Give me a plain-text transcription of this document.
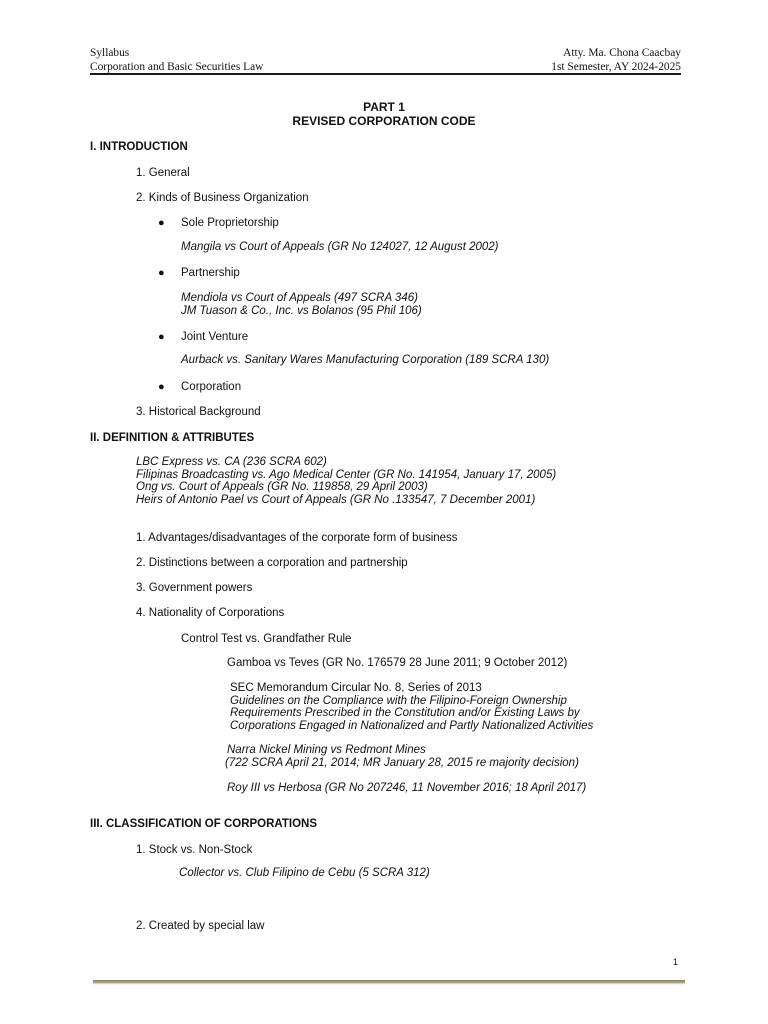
Syllabus
Corporation and Basic Securities Law
Atty. Ma. Chona Caacbay
1st Semester, AY 2024-2025
PART 1
REVISED CORPORATION CODE
I. INTRODUCTION
1. General
2. Kinds of Business Organization
● Sole Proprietorship
Mangila vs Court of Appeals (GR No 124027, 12 August 2002)
● Partnership
Mendiola vs Court of Appeals (497 SCRA 346)
JM Tuason & Co., Inc. vs Bolanos (95 Phil 106)
● Joint Venture
Aurback vs. Sanitary Wares Manufacturing Corporation (189 SCRA 130)
● Corporation
3. Historical Background
II. DEFINITION & ATTRIBUTES
LBC Express vs. CA (236 SCRA 602)
Filipinas Broadcasting vs. Ago Medical Center (GR No. 141954, January 17, 2005)
Ong vs. Court of Appeals (GR No. 119858, 29 April 2003)
Heirs of Antonio Pael vs Court of Appeals (GR No .133547, 7 December 2001)
1. Advantages/disadvantages of the corporate form of business
2. Distinctions between a corporation and partnership
3. Government powers
4. Nationality of Corporations
Control Test vs. Grandfather Rule
Gamboa vs Teves (GR No. 176579 28 June 2011; 9 October 2012)
SEC Memorandum Circular No. 8, Series of 2013
Guidelines on the Compliance with the Filipino-Foreign Ownership
Requirements Prescribed in the Constitution and/or Existing Laws by
Corporations Engaged in Nationalized and Partly Nationalized Activities
Narra Nickel Mining vs Redmont Mines
(722 SCRA April 21, 2014; MR January 28, 2015 re majority decision)
Roy III vs Herbosa (GR No 207246, 11 November 2016; 18 April 2017)
III. CLASSIFICATION OF CORPORATIONS
1. Stock vs. Non-Stock
Collector vs. Club Filipino de Cebu (5 SCRA 312)
2. Created by special law
1
